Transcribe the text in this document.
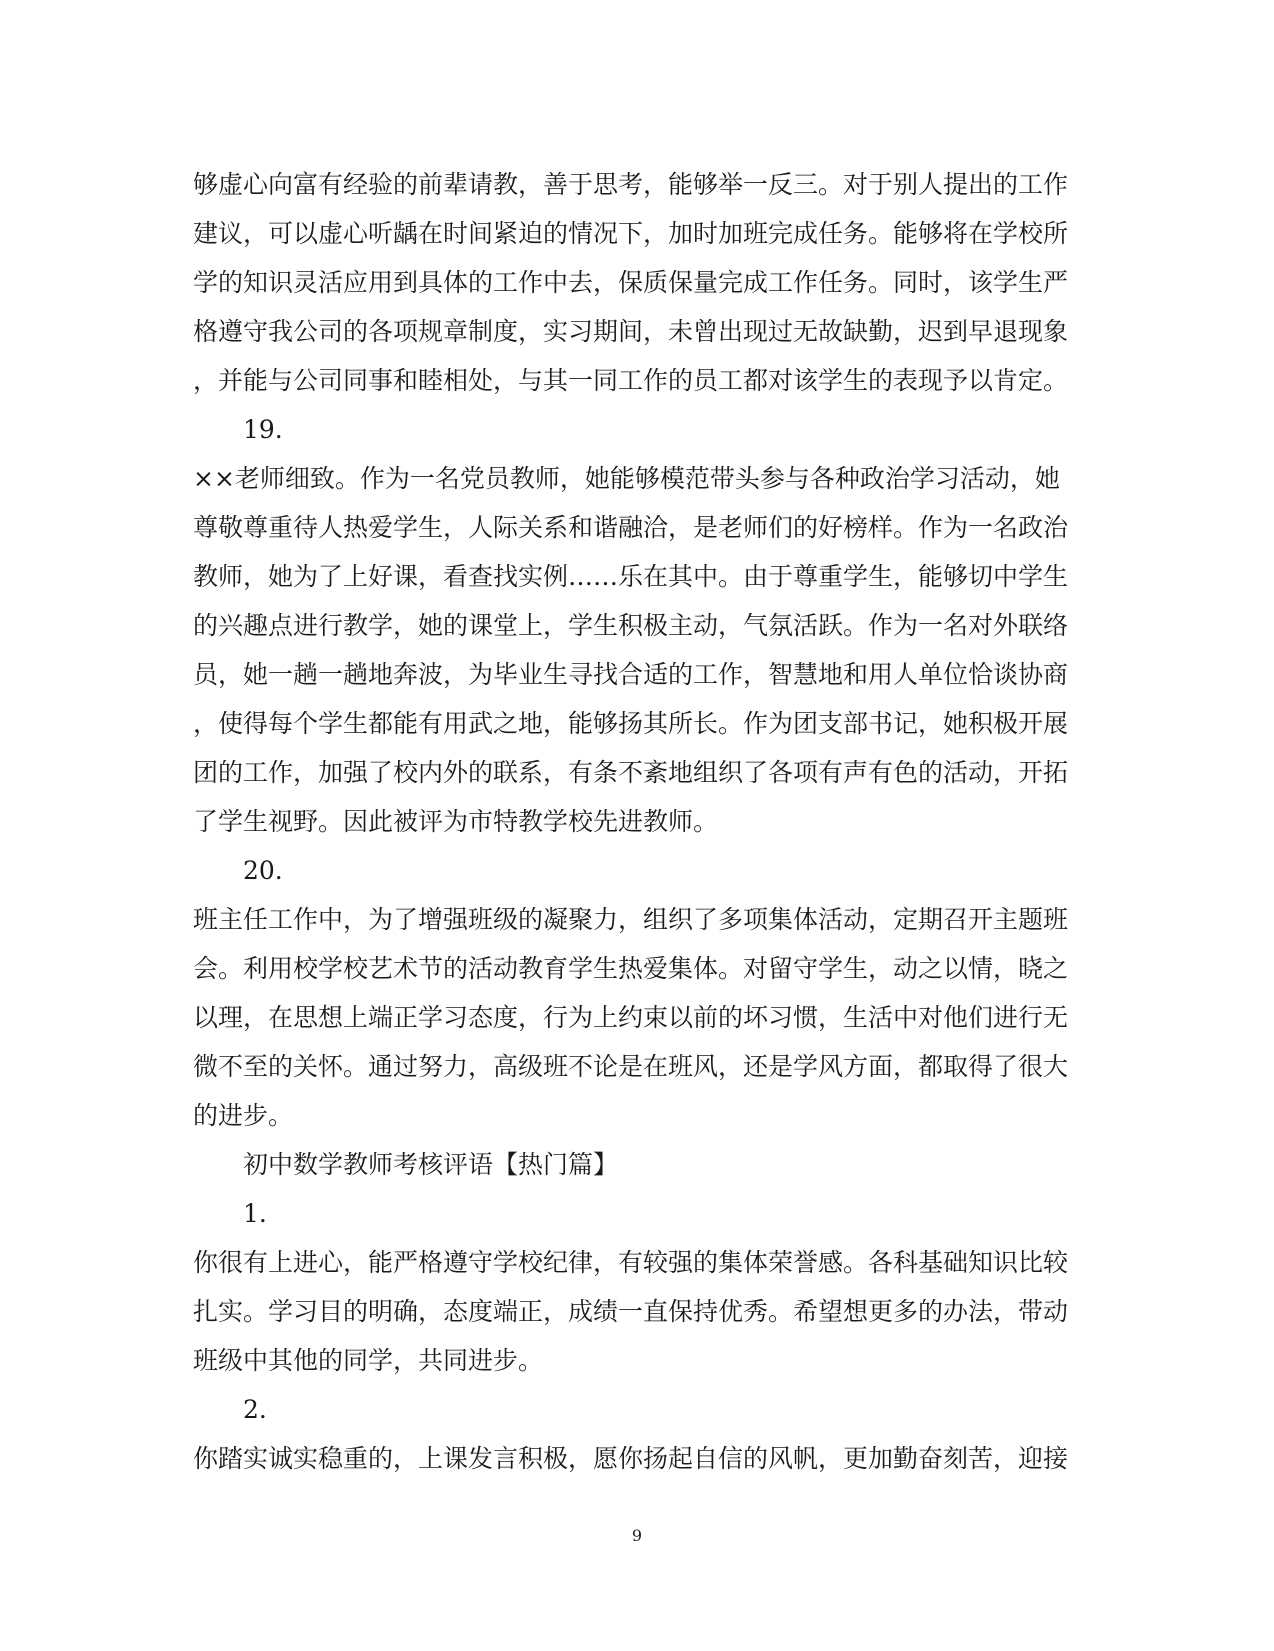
够虚心向富有经验的前辈请教，善于思考，能够举一反三。对于别人提出的工作
建议，可以虚心听龋在时间紧迫的情况下，加时加班完成任务。能够将在学校所
学的知识灵活应用到具体的工作中去，保质保量完成工作任务。同时，该学生严
格遵守我公司的各项规章制度，实习期间，未曾出现过无故缺勤，迟到早退现象
，并能与公司同事和睦相处，与其一同工作的员工都对该学生的表现予以肯定。
19.
××老师细致。作为一名党员教师，她能够模范带头参与各种政治学习活动，她
尊敬尊重待人热爱学生，人际关系和谐融洽，是老师们的好榜样。作为一名政治
教师，她为了上好课，看查找实例……乐在其中。由于尊重学生，能够切中学生
的兴趣点进行教学，她的课堂上，学生积极主动，气氛活跃。作为一名对外联络
员，她一趟一趟地奔波，为毕业生寻找合适的工作，智慧地和用人单位恰谈协商
，使得每个学生都能有用武之地，能够扬其所长。作为团支部书记，她积极开展
团的工作，加强了校内外的联系，有条不紊地组织了各项有声有色的活动，开拓
了学生视野。因此被评为市特教学校先进教师。
20.
班主任工作中，为了增强班级的凝聚力，组织了多项集体活动，定期召开主题班
会。利用校学校艺术节的活动教育学生热爱集体。对留守学生，动之以情，晓之
以理，在思想上端正学习态度，行为上约束以前的坏习惯，生活中对他们进行无
微不至的关怀。通过努力，高级班不论是在班风，还是学风方面，都取得了很大
的进步。
初中数学教师考核评语【热门篇】
1.
你很有上进心，能严格遵守学校纪律，有较强的集体荣誉感。各科基础知识比较
扎实。学习目的明确，态度端正，成绩一直保持优秀。希望想更多的办法，带动
班级中其他的同学，共同进步。
2.
你踏实诚实稳重的，上课发言积极，愿你扬起自信的风帆，更加勤奋刻苦，迎接
9
